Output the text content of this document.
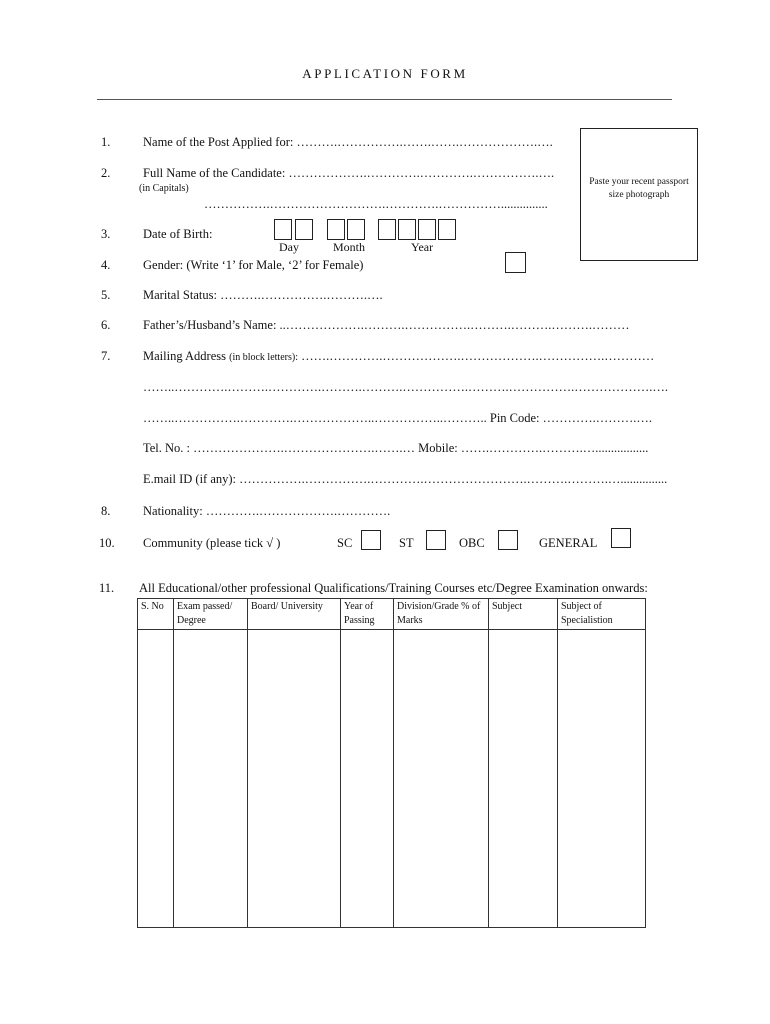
APPLICATION FORM
Paste your recent passport size photograph
1.	Name of the Post Applied for: ……….…………….…….…….……………….….
2.	Full Name of the Candidate: ……………….………….………….…………….….
(in Capitals)
…………….……………………….………….……………...............
3.	Date of Birth:
Day	Month	Year
4.	Gender: (Write ‘1’ for Male, ‘2’ for Female)
5.	Marital Status: ……….…………….……….….
6.	Father’s/Husband’s Name: ..……………….……….…………….……….……….……….………
7.	Mailing Address (in block letters): …….………….……………….……………….…………….…………
……..………….……….………….……….……….…………….……….…………….……………….….
……..…………….………….………………..……………..……….. Pin Code: ………….……….….
Tel. No. : ………………….………………….…….… Mobile: …….………….……….….................
E.mail ID (if any): …………….…………….………….…………………….……….……….…...............
8.	Nationality: ………….……………….………….
10. Community (please tick √ )	SC	ST	OBC	GENERAL
11. All Educational/other professional Qualifications/Training Courses etc/Degree Examination onwards:
S. No	Exam passed/ Degree	Board/ University	Year of Passing	Division/Grade % of Marks	Subject	Subject of Specialistion
